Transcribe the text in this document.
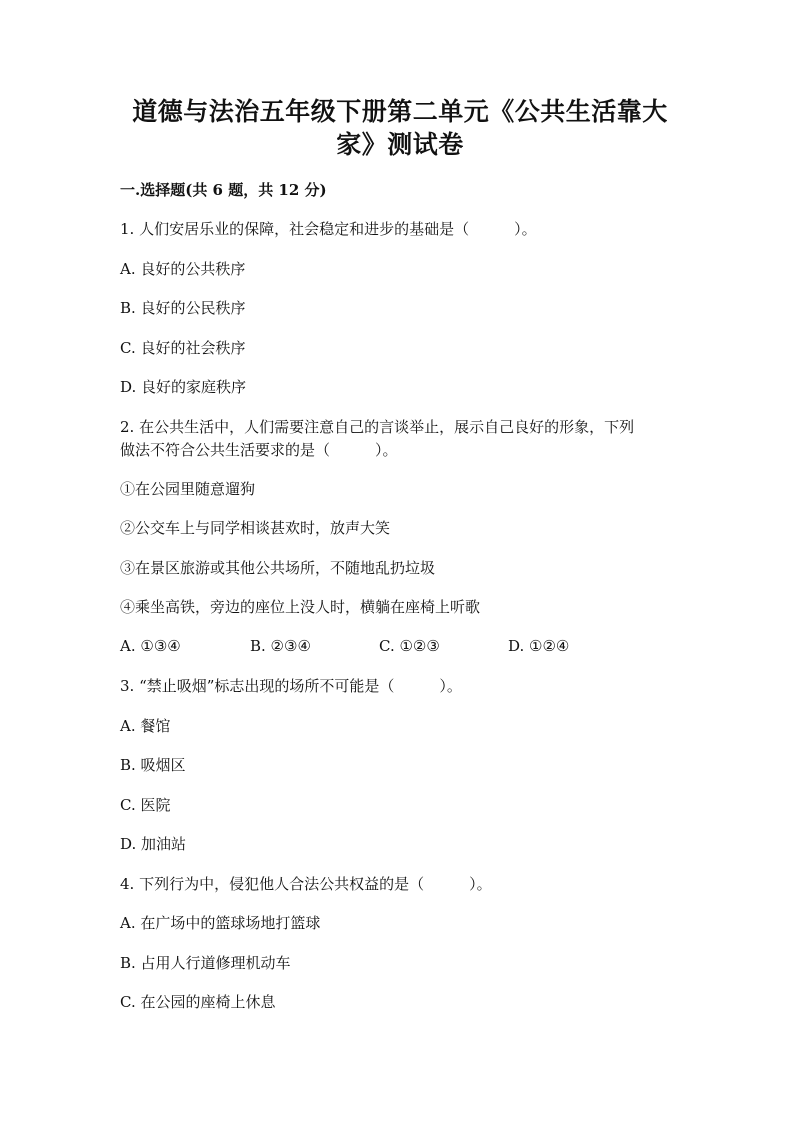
道德与法治五年级下册第二单元《公共生活靠大
家》测试卷
一.选择题(共 6 题，共 12 分)
1. 人们安居乐业的保障，社会稳定和进步的基础是（　　　）。
A. 良好的公共秩序
B. 良好的公民秩序
C. 良好的社会秩序
D. 良好的家庭秩序
2. 在公共生活中，人们需要注意自己的言谈举止，展示自己良好的形象，下列
做法不符合公共生活要求的是（　　　）。
①在公园里随意遛狗
②公交车上与同学相谈甚欢时，放声大笑
③在景区旅游或其他公共场所，不随地乱扔垃圾
④乘坐高铁，旁边的座位上没人时，横躺在座椅上听歌
A. ①③④	B. ②③④	C. ①②③	D. ①②④
3. “禁止吸烟”标志出现的场所不可能是（　　　）。
A. 餐馆
B. 吸烟区
C. 医院
D. 加油站
4. 下列行为中，侵犯他人合法公共权益的是（　　　）。
A. 在广场中的篮球场地打篮球
B. 占用人行道修理机动车
C. 在公园的座椅上休息
